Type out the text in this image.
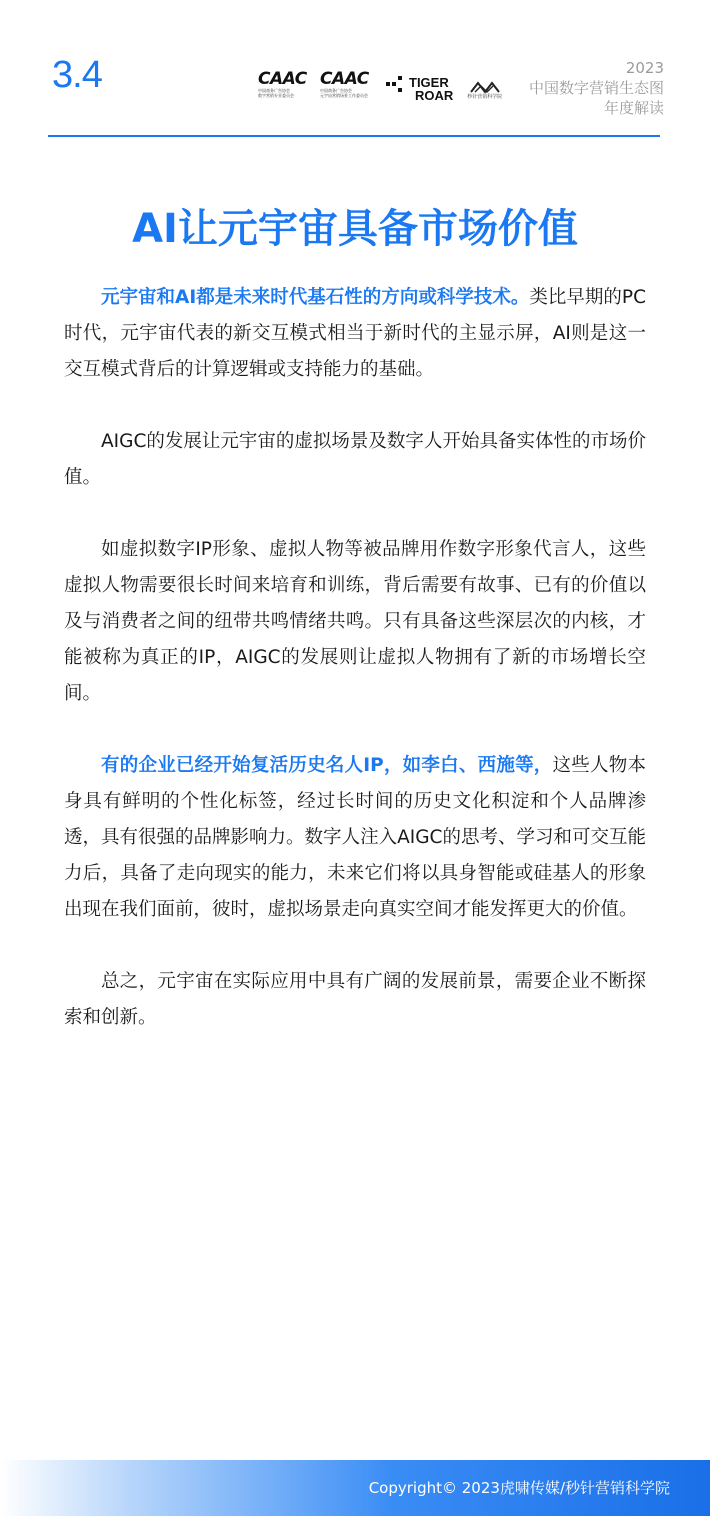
3.4	CAAC
中国商务广告协会
数字营销专业委员会
CAAC
中国商务广告协会
元宇宙营销场景工作委员会
TIGER
ROAR	秒针营销科学院
2023
中国数字营销生态图
年度解读
AI让元宇宙具备市场价值

元宇宙和AI都是未来时代基石性的方向或科学技术。类比早期的PC时代，元宇宙代表的新交互模式相当于新时代的主显示屏，AI则是这一交互模式背后的计算逻辑或支持能力的基础。

AIGC的发展让元宇宙的虚拟场景及数字人开始具备实体性的市场价值。

如虚拟数字IP形象、虚拟人物等被品牌用作数字形象代言人，这些虚拟人物需要很长时间来培育和训练，背后需要有故事、已有的价值以及与消费者之间的纽带共鸣情绪共鸣。只有具备这些深层次的内核，才能被称为真正的IP，AIGC的发展则让虚拟人物拥有了新的市场增长空间。

有的企业已经开始复活历史名人IP，如李白、西施等，这些人物本身具有鲜明的个性化标签，经过长时间的历史文化积淀和个人品牌渗透，具有很强的品牌影响力。数字人注入AIGC的思考、学习和可交互能力后，具备了走向现实的能力，未来它们将以具身智能或硅基人的形象出现在我们面前，彼时，虚拟场景走向真实空间才能发挥更大的价值。

总之，元宇宙在实际应用中具有广阔的发展前景，需要企业不断探索和创新。

Copyright© 2023虎啸传媒/秒针营销科学院
